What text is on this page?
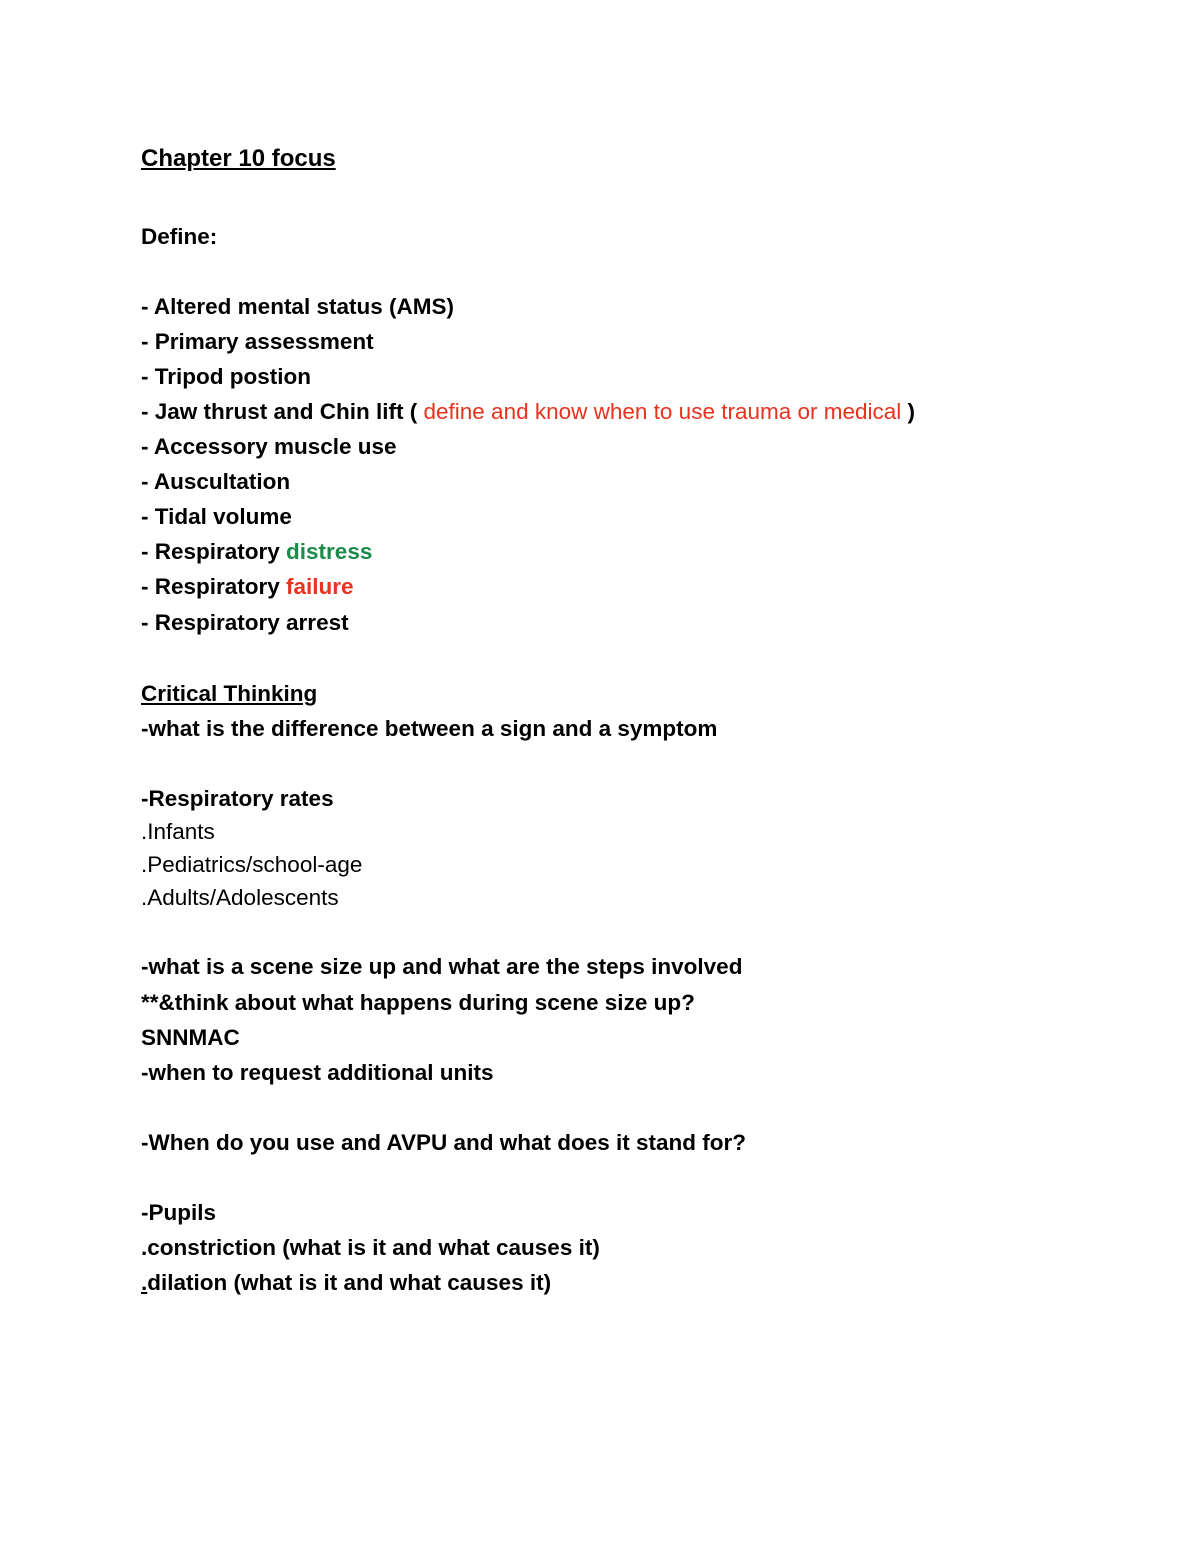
Chapter 10 focus
Define:
- Altered mental status (AMS)
- Primary assessment
- Tripod postion
- Jaw thrust and Chin lift ( define and know when to use trauma or medical )
- Accessory muscle use
- Auscultation
- Tidal volume
- Respiratory distress
- Respiratory failure
- Respiratory arrest
Critical Thinking
-what is the difference between a sign and a symptom
-Respiratory rates
.Infants
.Pediatrics/school-age
.Adults/Adolescents
-what is a scene size up and what are the steps involved
**&think about what happens during scene size up?
SNNMAC
-when to request additional units
-When do you use and AVPU and what does it stand for?
-Pupils
.constriction (what is it and what causes it)
.dilation (what is it and what causes it)
